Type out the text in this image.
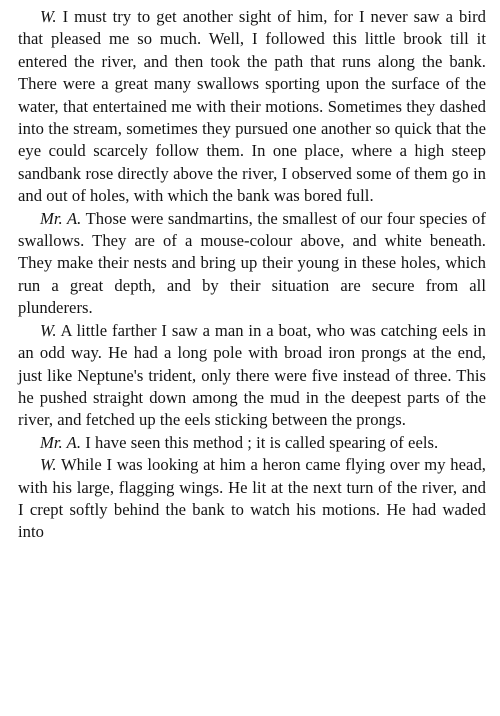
W. I must try to get another sight of him, for I never saw a bird that pleased me so much. Well, I followed this little brook till it entered the river, and then took the path that runs along the bank. There were a great many swallows sporting upon the surface of the water, that entertained me with their motions. Sometimes they dashed into the stream, sometimes they pursued one another so quick that the eye could scarcely follow them. In one place, where a high steep sandbank rose directly above the river, I observed some of them go in and out of holes, with which the bank was bored full.

Mr. A. Those were sandmartins, the smallest of our four species of swallows. They are of a mouse-colour above, and white beneath. They make their nests and bring up their young in these holes, which run a great depth, and by their situation are secure from all plunderers.

W. A little farther I saw a man in a boat, who was catching eels in an odd way. He had a long pole with broad iron prongs at the end, just like Neptune's trident, only there were five instead of three. This he pushed straight down among the mud in the deepest parts of the river, and fetched up the eels sticking between the prongs.

Mr. A. I have seen this method ; it is called spearing of eels.

W. While I was looking at him a heron came flying over my head, with his large, flagging wings. He lit at the next turn of the river, and I crept softly behind the bank to watch his motions. He had waded into
